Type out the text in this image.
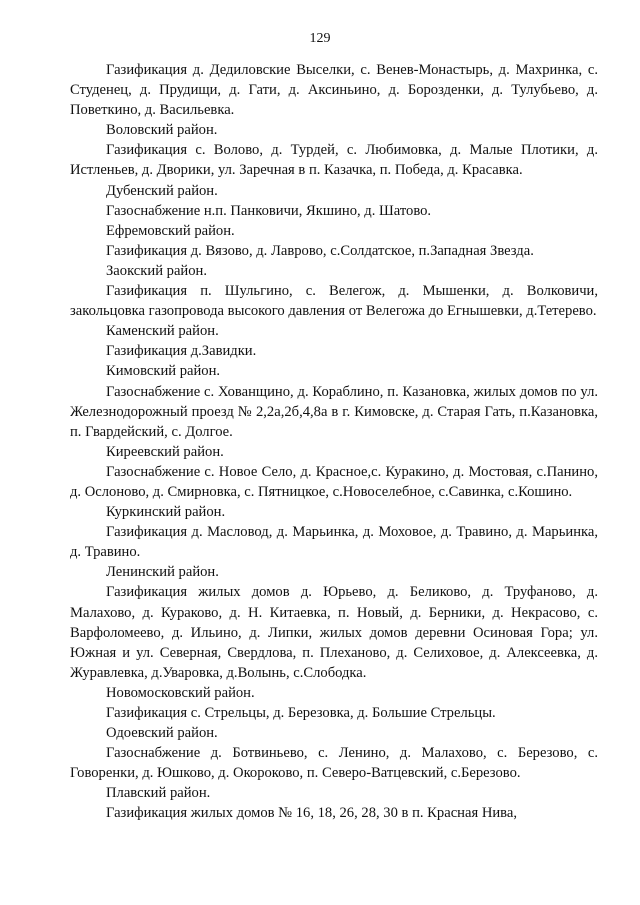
129

Газификация д. Дедиловские Выселки, с. Венев-Монастырь, д. Махринка, с. Студенец, д. Прудищи, д. Гати, д. Аксиньино, д. Борозденки, д. Тулубьево, д. Поветкино, д. Васильевка.

Воловский район.

Газификация с. Волово, д. Турдей, с. Любимовка, д. Малые Плотики, д. Истленьев, д. Дворики, ул. Заречная в п. Казачка, п. Победа, д. Красавка.

Дубенский район.

Газоснабжение н.п. Панковичи, Якшино, д. Шатово.

Ефремовский район.

Газификация д. Вязово, д. Лаврово, с.Солдатское, п.Западная Звезда.

Заокский район.

Газификация п. Шульгино, с. Велегож, д. Мышенки, д. Волковичи, закольцовка газопровода высокого давления от Велегожа до Егнышевки, д.Тетерево.

Каменский район.

Газификация д.Завидки.

Кимовский район.

Газоснабжение с. Хованщино, д. Кораблино, п. Казановка, жилых домов по ул. Железнодорожный проезд № 2,2а,2б,4,8а в г. Кимовске, д. Старая Гать, п.Казановка, п. Гвардейский, с. Долгое.

Киреевский район.

Газоснабжение с. Новое Село, д. Красное,с. Куракино, д. Мостовая, с.Панино, д. Ослоново, д. Смирновка, с. Пятницкое, с.Новоселебное, с.Савинка, с.Кошино.

Куркинский район.

Газификация д. Масловод, д. Марьинка, д. Моховое, д. Травино, д. Марьинка, д. Травино.

Ленинский район.

Газификация жилых домов д. Юрьево, д. Беликово, д. Труфаново, д. Малахово, д. Кураково, д. Н. Китаевка, п. Новый, д. Берники, д. Некрасово, с. Варфоломеево, д. Ильино, д. Липки, жилых домов деревни Осиновая Гора; ул. Южная и ул. Северная, Свердлова, п. Плеханово, д. Селиховое, д. Алексеевка, д. Журавлевка, д.Уваровка, д.Волынь, с.Слободка.

Новомосковский район.

Газификация с. Стрельцы, д. Березовка, д. Большие Стрельцы.

Одоевский район.

Газоснабжение д. Ботвиньево, с. Ленино, д. Малахово, с. Березово, с. Говоренки, д. Юшково, д. Окороково, п. Северо-Ватцевский, с.Березово.

Плавский район.

Газификация жилых домов № 16, 18, 26, 28, 30 в п. Красная Нива,
